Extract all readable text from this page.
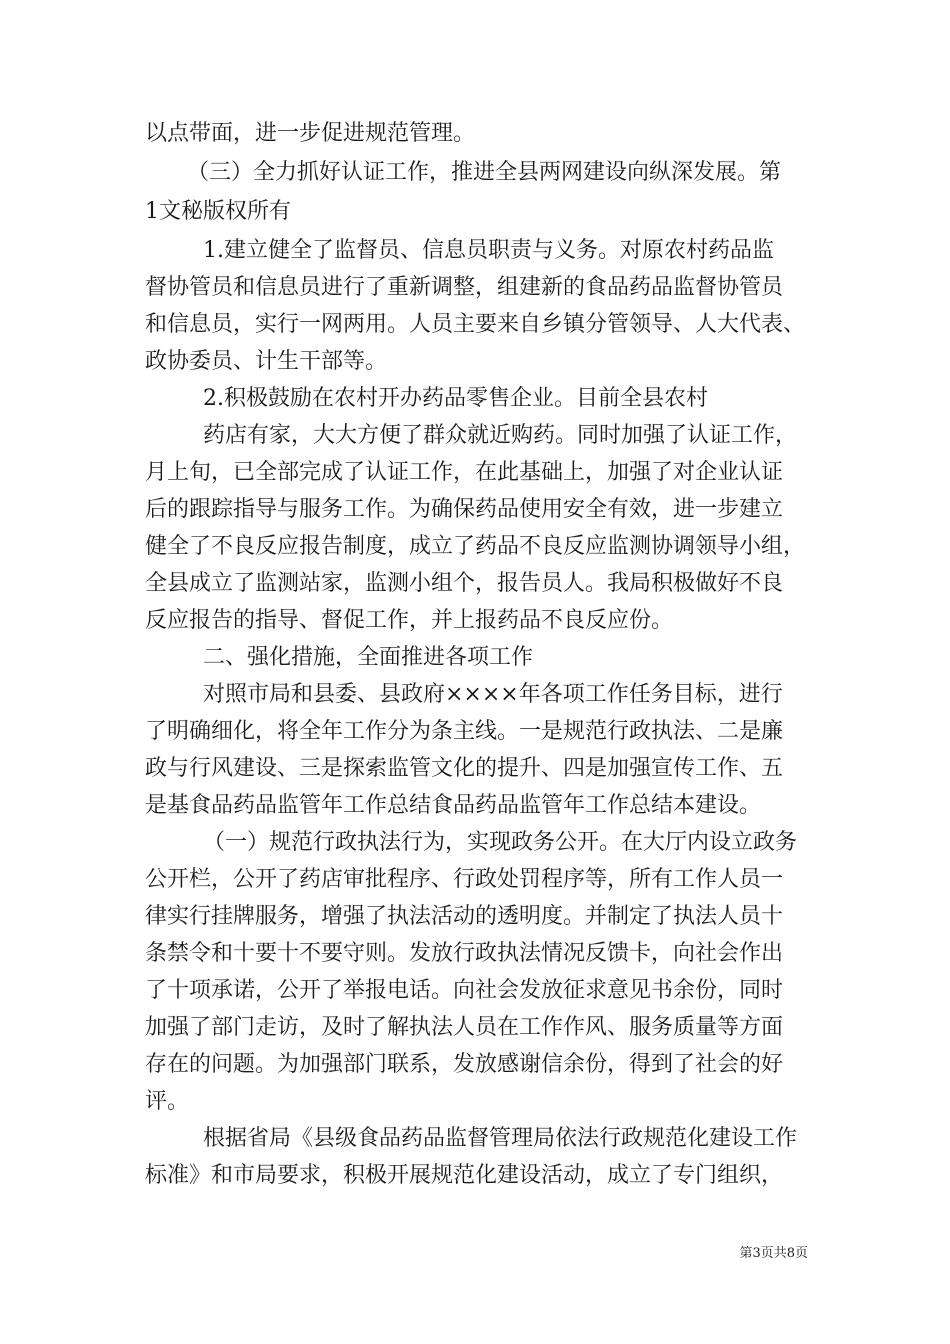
以点带面，进一步促进规范管理。
（三）全力抓好认证工作，推进全县两网建设向纵深发展。第
1文秘版权所有
1.建立健全了监督员、信息员职责与义务。对原农村药品监
督协管员和信息员进行了重新调整，组建新的食品药品监督协管员
和信息员，实行一网两用。人员主要来自乡镇分管领导、人大代表、
政协委员、计生干部等。
2.积极鼓励在农村开办药品零售企业。目前全县农村
药店有家，大大方便了群众就近购药。同时加强了认证工作，
月上旬，已全部完成了认证工作，在此基础上，加强了对企业认证
后的跟踪指导与服务工作。为确保药品使用安全有效，进一步建立
健全了不良反应报告制度，成立了药品不良反应监测协调领导小组，
全县成立了监测站家，监测小组个，报告员人。我局积极做好不良
反应报告的指导、督促工作，并上报药品不良反应份。
二、强化措施，全面推进各项工作
对照市局和县委、县政府××××年各项工作任务目标，进行
了明确细化，将全年工作分为条主线。一是规范行政执法、二是廉
政与行风建设、三是探索监管文化的提升、四是加强宣传工作、五
是基食品药品监管年工作总结食品药品监管年工作总结本建设。
（一）规范行政执法行为，实现政务公开。在大厅内设立政务
公开栏，公开了药店审批程序、行政处罚程序等，所有工作人员一
律实行挂牌服务，增强了执法活动的透明度。并制定了执法人员十
条禁令和十要十不要守则。发放行政执法情况反馈卡，向社会作出
了十项承诺，公开了举报电话。向社会发放征求意见书余份，同时
加强了部门走访，及时了解执法人员在工作作风、服务质量等方面
存在的问题。为加强部门联系，发放感谢信余份，得到了社会的好
评。
根据省局《县级食品药品监督管理局依法行政规范化建设工作
标准》和市局要求，积极开展规范化建设活动，成立了专门组织，
第3页共8页
